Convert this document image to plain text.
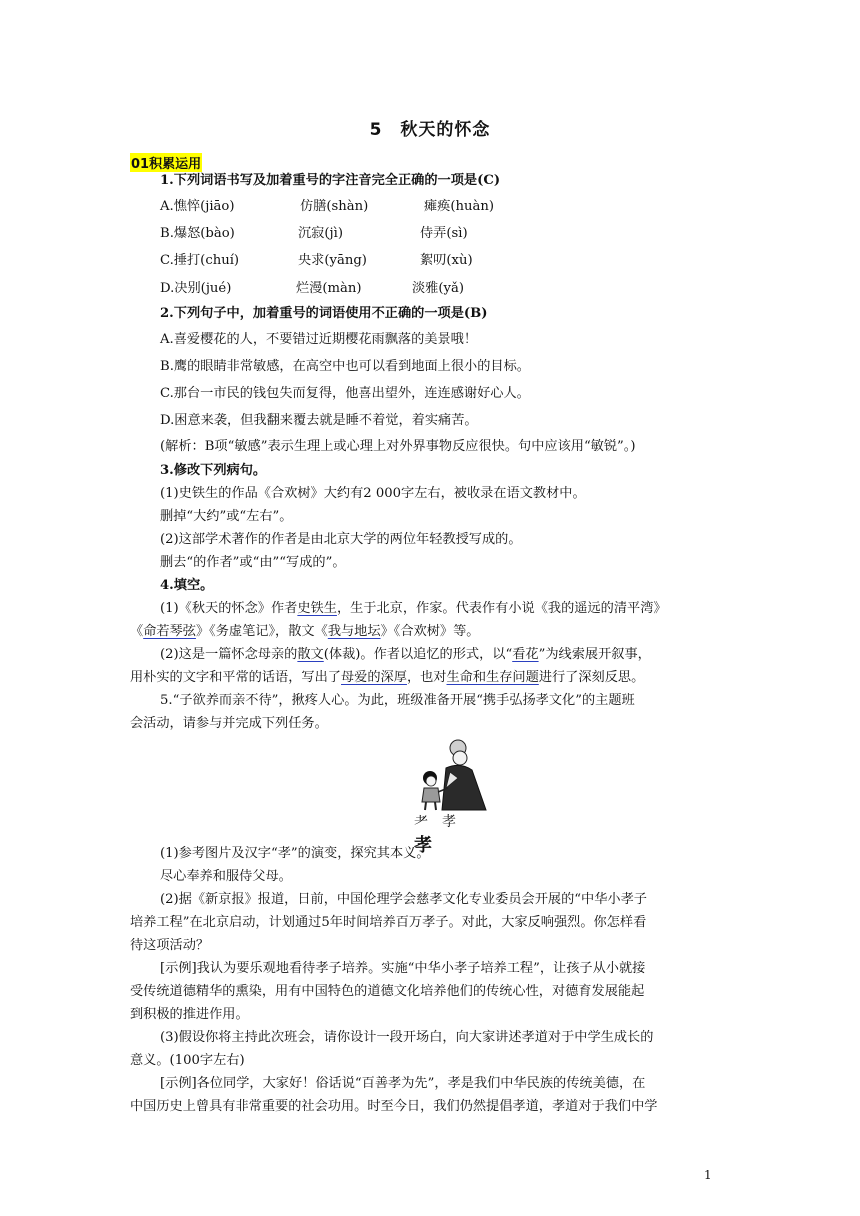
5　秋天的怀念
01积累运用
1.下列词语书写及加着重号的字注音完全正确的一项是(C)
A.憔悴(jiāo)	仿膳(shàn)	瘫痪(huàn)
B.爆怒(bào)	沉寂(jì)	侍弄(sì)
C.捶打(chuí)	央求(yāng)	絮叨(xù)
D.决别(jué)	烂漫(màn)	淡雅(yǎ)
2.下列句子中，加着重号的词语使用不正确的一项是(B)
A.喜爱樱花的人，不要错过近期樱花雨飘落的美景哦！
B.鹰的眼睛非常敏感，在高空中也可以看到地面上很小的目标。
C.那台一市民的钱包失而复得，他喜出望外，连连感谢好心人。
D.困意来袭，但我翻来覆去就是睡不着觉，着实痛苦。
(解析：B项“敏感”表示生理上或心理上对外界事物反应很快。句中应该用“敏锐”。)
3.修改下列病句。
(1)史铁生的作品《合欢树》大约有2 000字左右，被收录在语文教材中。
删掉“大约”或“左右”。
(2)这部学术著作的作者是由北京大学的两位年轻教授写成的。
删去“的作者”或“由”“写成的”。
4.填空。
(1)《秋天的怀念》作者史铁生，生于北京，作家。代表作有小说《我的遥远的清平湾》
《命若琴弦》《务虚笔记》，散文《我与地坛》《合欢树》等。
(2)这是一篇怀念母亲的散文(体裁)。作者以追忆的形式，以“看花”为线索展开叙事，
用朴实的文字和平常的话语，写出了母爱的深厚，也对生命和生存问题进行了深刻反思。
5.“子欲养而亲不待”，揪疼人心。为此，班级准备开展“携手弘扬孝文化”的主题班
会活动，请参与并完成下列任务。
耂孝孝
(1)参考图片及汉字“孝”的演变，探究其本义。
尽心奉养和服侍父母。
(2)据《新京报》报道，日前，中国伦理学会慈孝文化专业委员会开展的“中华小孝子
培养工程”在北京启动，计划通过5年时间培养百万孝子。对此，大家反响强烈。你怎样看
待这项活动？
[示例]我认为要乐观地看待孝子培养。实施“中华小孝子培养工程”，让孩子从小就接
受传统道德精华的熏染，用有中国特色的道德文化培养他们的传统心性，对德育发展能起
到积极的推进作用。
(3)假设你将主持此次班会，请你设计一段开场白，向大家讲述孝道对于中学生成长的
意义。(100字左右)
[示例]各位同学，大家好！俗话说“百善孝为先”，孝是我们中华民族的传统美德，在
中国历史上曾具有非常重要的社会功用。时至今日，我们仍然提倡孝道，孝道对于我们中学
1
